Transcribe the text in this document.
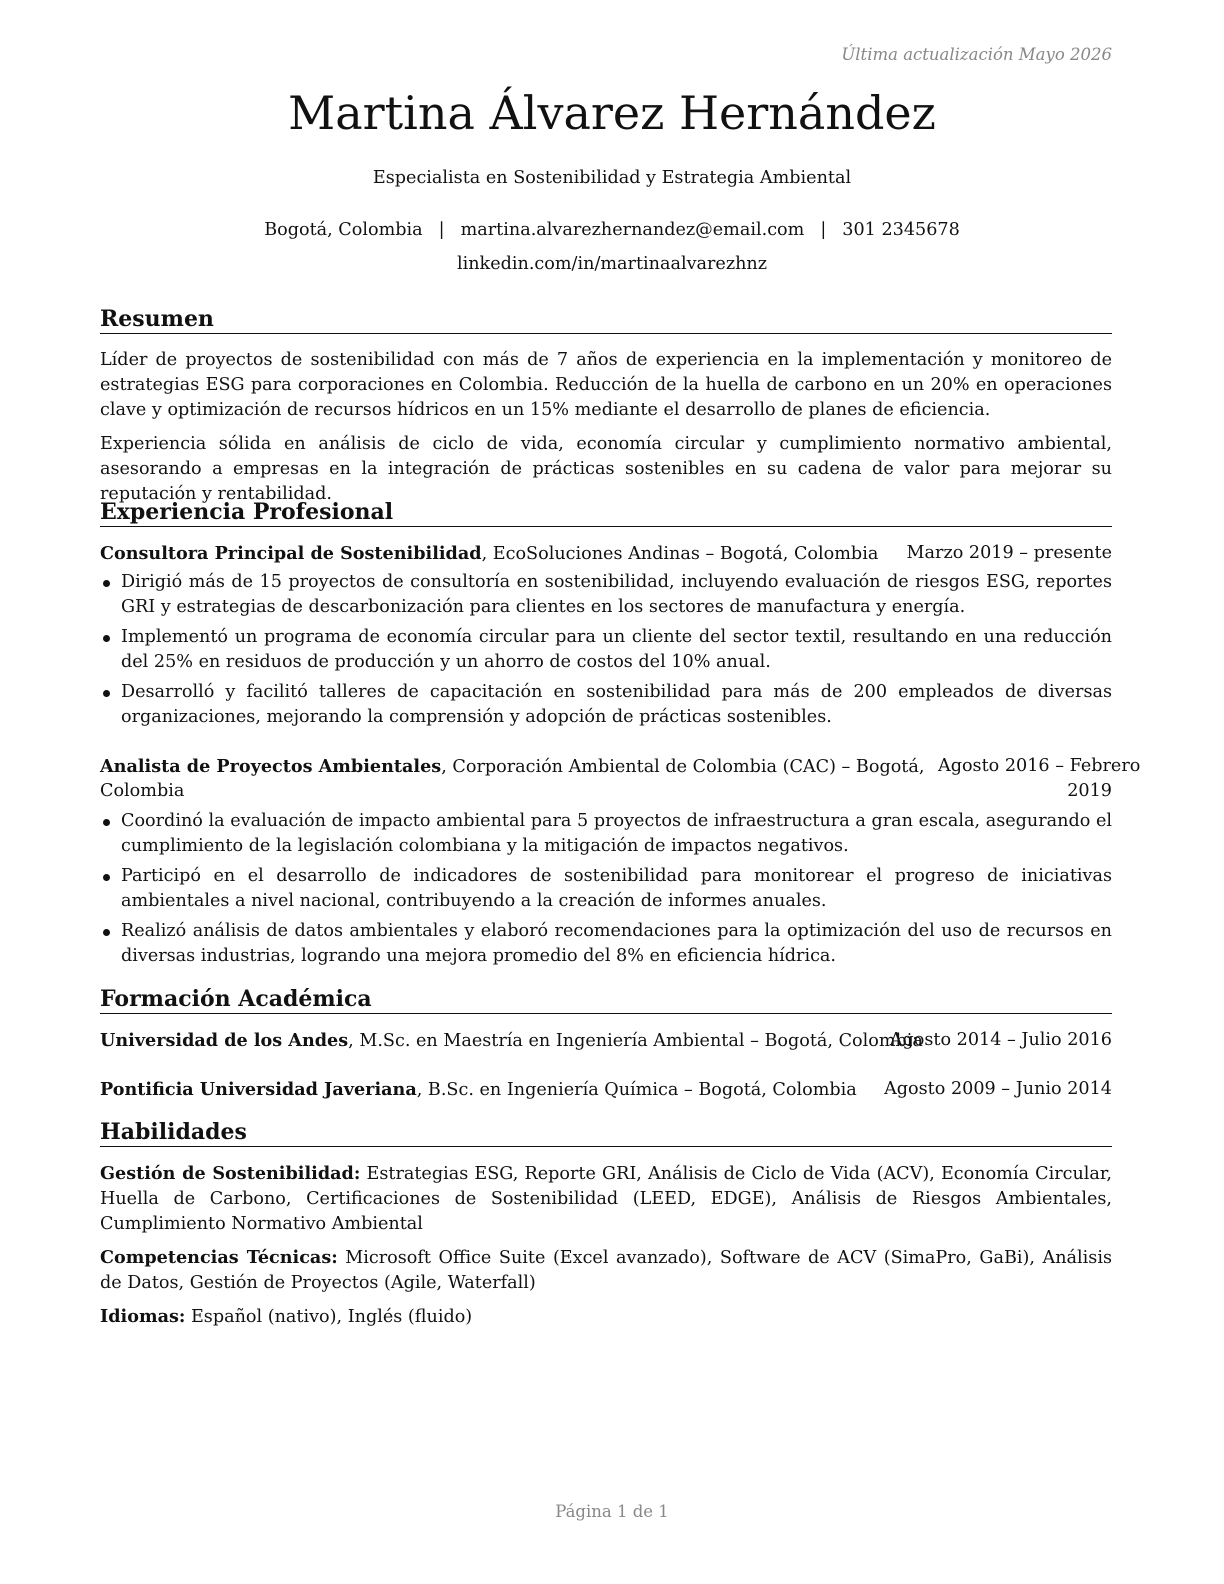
Última actualización Mayo 2026
Martina Álvarez Hernández
Especialista en Sostenibilidad y Estrategia Ambiental
Bogotá, Colombia | martina.alvarezhernandez@email.com | 301 2345678
linkedin.com/in/martinaalvarezhnz
Resumen
Líder de proyectos de sostenibilidad con más de 7 años de experiencia en la implementación y monitoreo de estrategias ESG para corporaciones en Colombia. Reducción de la huella de carbono en un 20% en operaciones clave y optimización de recursos hídricos en un 15% mediante el desarrollo de planes de eficiencia.
Experiencia sólida en análisis de ciclo de vida, economía circular y cumplimiento normativo ambiental, asesorando a empresas en la integración de prácticas sostenibles en su cadena de valor para mejorar su reputación y rentabilidad.
Experiencia Profesional
Consultora Principal de Sostenibilidad, EcoSoluciones Andinas – Bogotá, Colombia Marzo 2019 – presente
Dirigió más de 15 proyectos de consultoría en sostenibilidad, incluyendo evaluación de riesgos ESG, reportes GRI y estrategias de descarbonización para clientes en los sectores de manufactura y energía.
Implementó un programa de economía circular para un cliente del sector textil, resultando en una reducción del 25% en residuos de producción y un ahorro de costos del 10% anual.
Desarrolló y facilitó talleres de capacitación en sostenibilidad para más de 200 empleados de diversas organizaciones, mejorando la comprensión y adopción de prácticas sostenibles.
Analista de Proyectos Ambientales, Corporación Ambiental de Colombia (CAC) – Bogotá, Agosto 2016 – Febrero
Colombia	2019
Coordinó la evaluación de impacto ambiental para 5 proyectos de infraestructura a gran escala, asegurando el cumplimiento de la legislación colombiana y la mitigación de impactos negativos.
Participó en el desarrollo de indicadores de sostenibilidad para monitorear el progreso de iniciativas ambientales a nivel nacional, contribuyendo a la creación de informes anuales.
Realizó análisis de datos ambientales y elaboró recomendaciones para la optimización del uso de recursos en diversas industrias, logrando una mejora promedio del 8% en eficiencia hídrica.
Formación Académica
Universidad de los Andes, M.Sc. en Maestría en Ingeniería Ambiental – Bogotá, Colombia
Agosto 2014 – Julio 2016
Pontificia Universidad Javeriana, B.Sc. en Ingeniería Química – Bogotá, Colombia Agosto 2009 – Junio 2014
Habilidades
Gestión de Sostenibilidad: Estrategias ESG, Reporte GRI, Análisis de Ciclo de Vida (ACV), Economía Circular, Huella de Carbono, Certificaciones de Sostenibilidad (LEED, EDGE), Análisis de Riesgos Ambientales, Cumplimiento Normativo Ambiental
Competencias Técnicas: Microsoft Office Suite (Excel avanzado), Software de ACV (SimaPro, GaBi), Análisis de Datos, Gestión de Proyectos (Agile, Waterfall)
Idiomas: Español (nativo), Inglés (fluido)
Página 1 de 1
